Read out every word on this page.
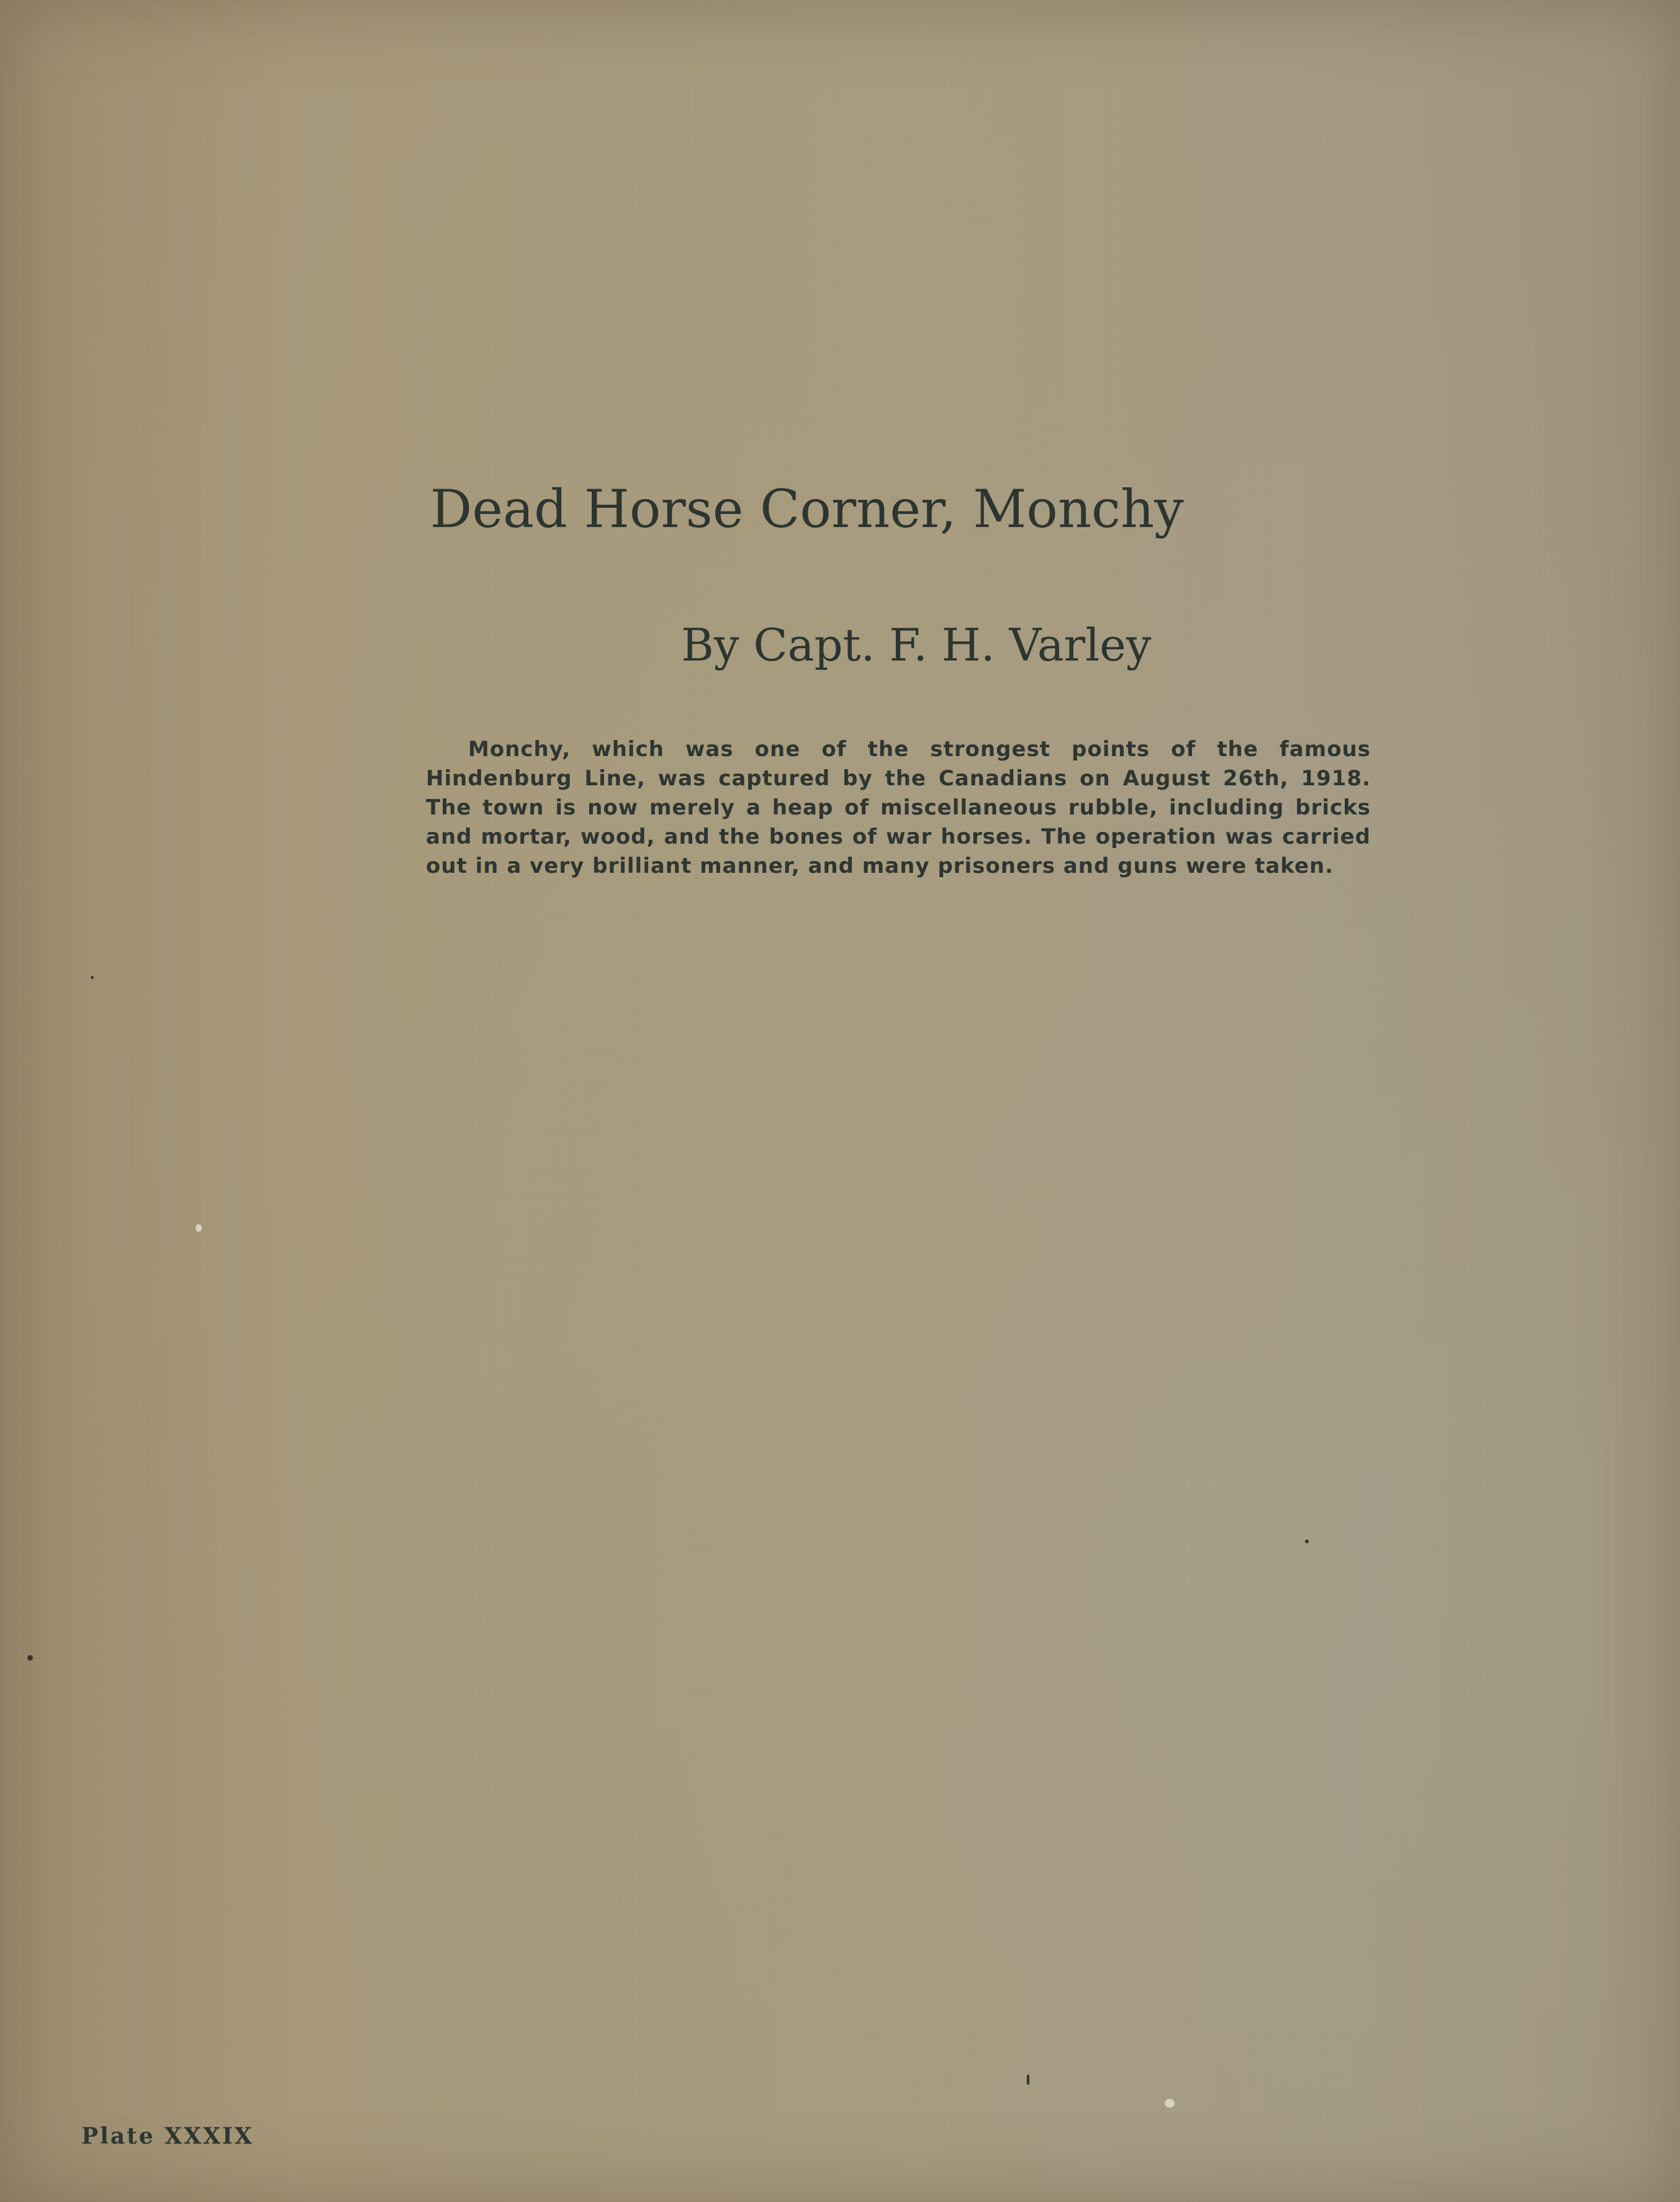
Dead Horse Corner, Monchy
By Capt. F. H. Varley

Monchy, which was one of the strongest points of the famous Hindenburg Line, was captured by the Canadians on August 26th, 1918. The town is now merely a heap of miscellaneous rubble, including bricks and mortar, wood, and the bones of war horses. The operation was carried out in a very brilliant manner, and many prisoners and guns were taken.

Plate XXXIX
